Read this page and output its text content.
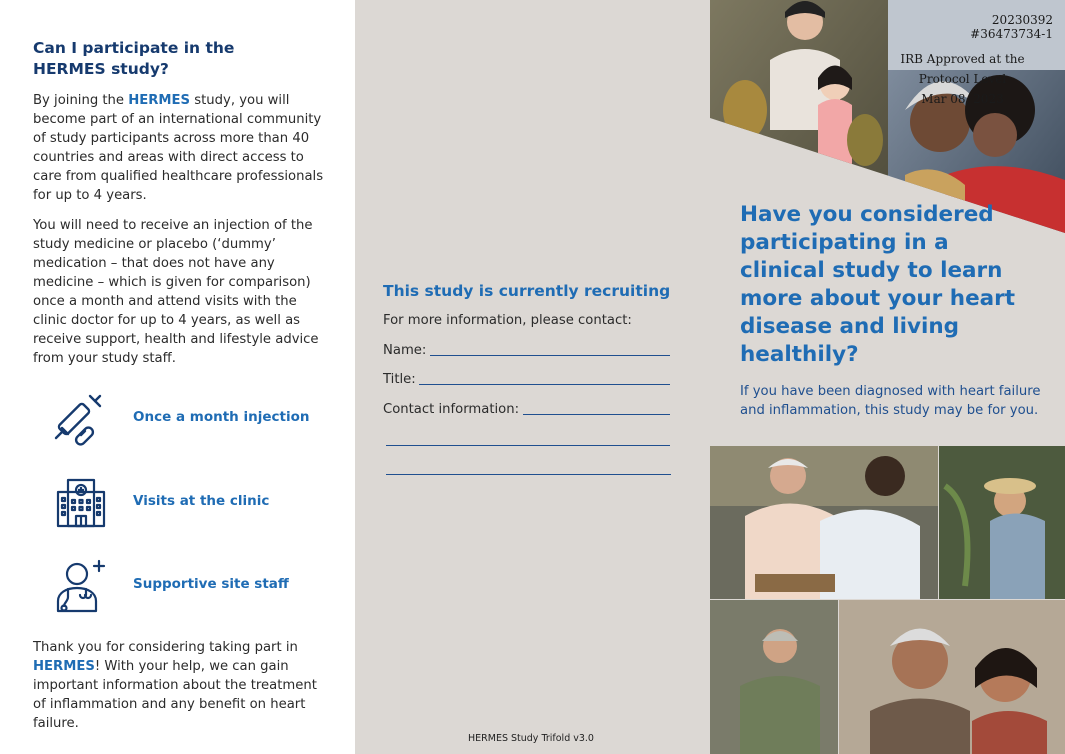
Can I participate in the
HERMES study?

By joining the HERMES study, you will become part of an international community of study participants across more than 40 countries and areas with direct access to care from qualified healthcare professionals for up to 4 years.

You will need to receive an injection of the study medicine or placebo (‘dummy’ medication – that does not have any medicine – which is given for comparison) once a month and attend visits with the clinic doctor for up to 4 years, as well as receive support, health and lifestyle advice from your study staff.

Once a month injection
Visits at the clinic
Supportive site staff

Thank you for considering taking part in HERMES! With your help, we can gain important information about the treatment of inflammation and any benefit on heart failure.

This study is currently recruiting
For more information, please contact:
Name:
Title:
Contact information:
HERMES Study Trifold v3.0
20230392
#36473734-1
IRB Approved at the
Protocol Level
Mar 08, 2023
Have you considered participating in a clinical study to learn more about your heart disease and living healthily?

If you have been diagnosed with heart failure and inflammation, this study may be for you.
